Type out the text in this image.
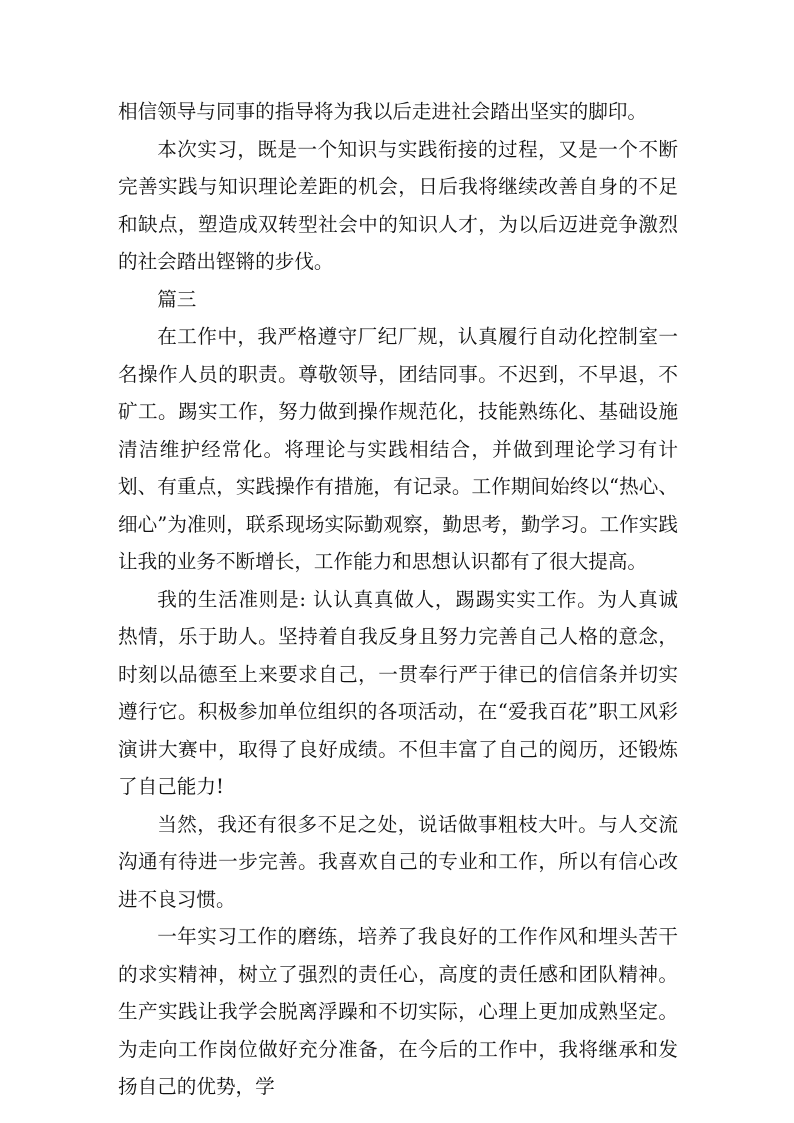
相信领导与同事的指导将为我以后走进社会踏出坚实的脚印。

本次实习，既是一个知识与实践衔接的过程，又是一个不断完善实践与知识理论差距的机会，日后我将继续改善自身的不足和缺点，塑造成双转型社会中的知识人才，为以后迈进竞争激烈的社会踏出铿锵的步伐。

篇三

在工作中，我严格遵守厂纪厂规，认真履行自动化控制室一名操作人员的职责。尊敬领导，团结同事。不迟到，不早退，不矿工。踢实工作，努力做到操作规范化，技能熟练化、基础设施清洁维护经常化。将理论与实践相结合，并做到理论学习有计划、有重点，实践操作有措施，有记录。工作期间始终以“热心、细心”为准则，联系现场实际勤观察，勤思考，勤学习。工作实践让我的业务不断增长，工作能力和思想认识都有了很大提高。

我的生活准则是: 认认真真做人，踢踢实实工作。为人真诚热情，乐于助人。坚持着自我反身且努力完善自己人格的意念，时刻以品德至上来要求自己，一贯奉行严于律已的信信条并切实遵行它。积极参加单位组织的各项活动，在“爱我百花”职工风彩演讲大赛中，取得了良好成绩。不但丰富了自己的阅历，还锻炼了自己能力!

当然，我还有很多不足之处，说话做事粗枝大叶。与人交流沟通有待进一步完善。我喜欢自己的专业和工作，所以有信心改进不良习惯。

一年实习工作的磨练，培养了我良好的工作作风和埋头苦干的求实精神，树立了强烈的责任心，高度的责任感和团队精神。生产实践让我学会脱离浮躁和不切实际，心理上更加成熟坚定。为走向工作岗位做好充分准备，在今后的工作中，我将继承和发扬自己的优势，学
